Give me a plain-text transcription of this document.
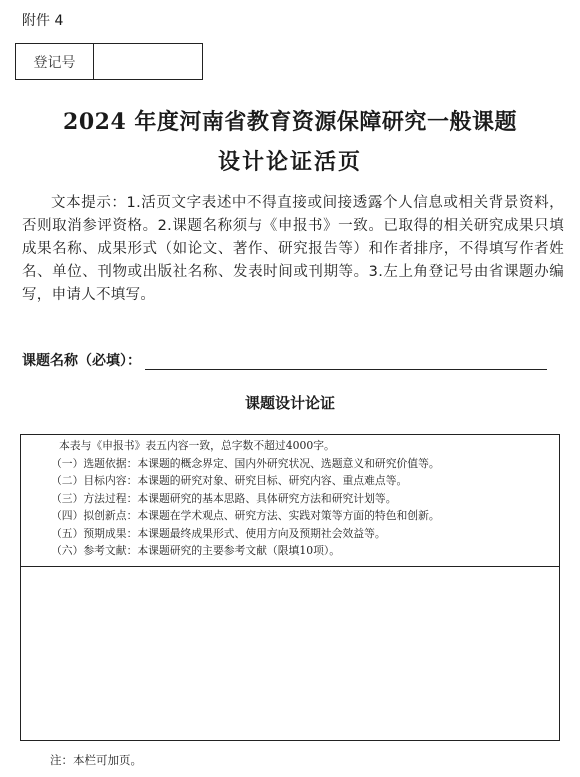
附件 4
登记号
2024 年度河南省教育资源保障研究一般课题
设计论证活页
文本提示：1.活页文字表述中不得直接或间接透露个人信息或相关背景资料，否则取消参评资格。2.课题名称须与《申报书》一致。已取得的相关研究成果只填成果名称、成果形式（如论文、著作、研究报告等）和作者排序，不得填写作者姓名、单位、刊物或出版社名称、发表时间或刊期等。3.左上角登记号由省课题办编写，申请人不填写。
课题名称（必填）：
课题设计论证
本表与《申报书》表五内容一致，总字数不超过4000字。
（一）选题依据：本课题的概念界定、国内外研究状况、选题意义和研究价值等。
（二）目标内容：本课题的研究对象、研究目标、研究内容、重点难点等。
（三）方法过程：本课题研究的基本思路、具体研究方法和研究计划等。
（四）拟创新点：本课题在学术观点、研究方法、实践对策等方面的特色和创新。
（五）预期成果：本课题最终成果形式、使用方向及预期社会效益等。
（六）参考文献：本课题研究的主要参考文献（限填10项）。
注：本栏可加页。
